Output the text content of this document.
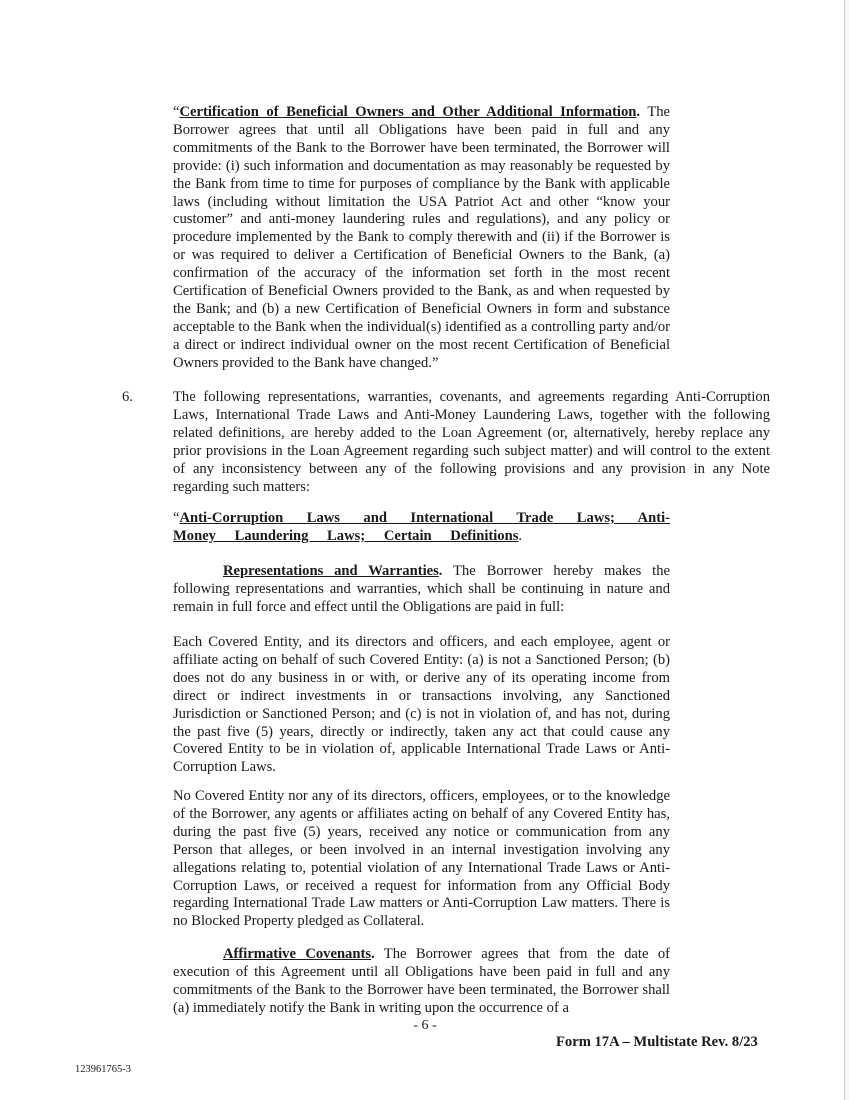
“Certification of Beneficial Owners and Other Additional Information. The Borrower agrees that until all Obligations have been paid in full and any commitments of the Bank to the Borrower have been terminated, the Borrower will provide: (i) such information and documentation as may reasonably be requested by the Bank from time to time for purposes of compliance by the Bank with applicable laws (including without limitation the USA Patriot Act and other “know your customer” and anti-money laundering rules and regulations), and any policy or procedure implemented by the Bank to comply therewith and (ii) if the Borrower is or was required to deliver a Certification of Beneficial Owners to the Bank, (a) confirmation of the accuracy of the information set forth in the most recent Certification of Beneficial Owners provided to the Bank, as and when requested by the Bank; and (b) a new Certification of Beneficial Owners in form and substance acceptable to the Bank when the individual(s) identified as a controlling party and/or a direct or indirect individual owner on the most recent Certification of Beneficial Owners provided to the Bank have changed.”

6.	The following representations, warranties, covenants, and agreements regarding Anti-Corruption Laws, International Trade Laws and Anti-Money Laundering Laws, together with the following related definitions, are hereby added to the Loan Agreement (or, alternatively, hereby replace any prior provisions in the Loan Agreement regarding such subject matter) and will control to the extent of any inconsistency between any of the following provisions and any provision in any Note regarding such matters:

“Anti-Corruption Laws and International Trade Laws; Anti-Money Laundering Laws; Certain Definitions.

Representations and Warranties. The Borrower hereby makes the following representations and warranties, which shall be continuing in nature and remain in full force and effect until the Obligations are paid in full:

Each Covered Entity, and its directors and officers, and each employee, agent or affiliate acting on behalf of such Covered Entity: (a) is not a Sanctioned Person; (b) does not do any business in or with, or derive any of its operating income from direct or indirect investments in or transactions involving, any Sanctioned Jurisdiction or Sanctioned Person; and (c) is not in violation of, and has not, during the past five (5) years, directly or indirectly, taken any act that could cause any Covered Entity to be in violation of, applicable International Trade Laws or Anti-Corruption Laws.

No Covered Entity nor any of its directors, officers, employees, or to the knowledge of the Borrower, any agents or affiliates acting on behalf of any Covered Entity has, during the past five (5) years, received any notice or communication from any Person that alleges, or been involved in an internal investigation involving any allegations relating to, potential violation of any International Trade Laws or Anti-Corruption Laws, or received a request for information from any Official Body regarding International Trade Law matters or Anti-Corruption Law matters. There is no Blocked Property pledged as Collateral.

Affirmative Covenants. The Borrower agrees that from the date of execution of this Agreement until all Obligations have been paid in full and any commitments of the Bank to the Borrower have been terminated, the Borrower shall (a) immediately notify the Bank in writing upon the occurrence of a

- 6 -

Form 17A – Multistate Rev. 8/23

123961765-3
